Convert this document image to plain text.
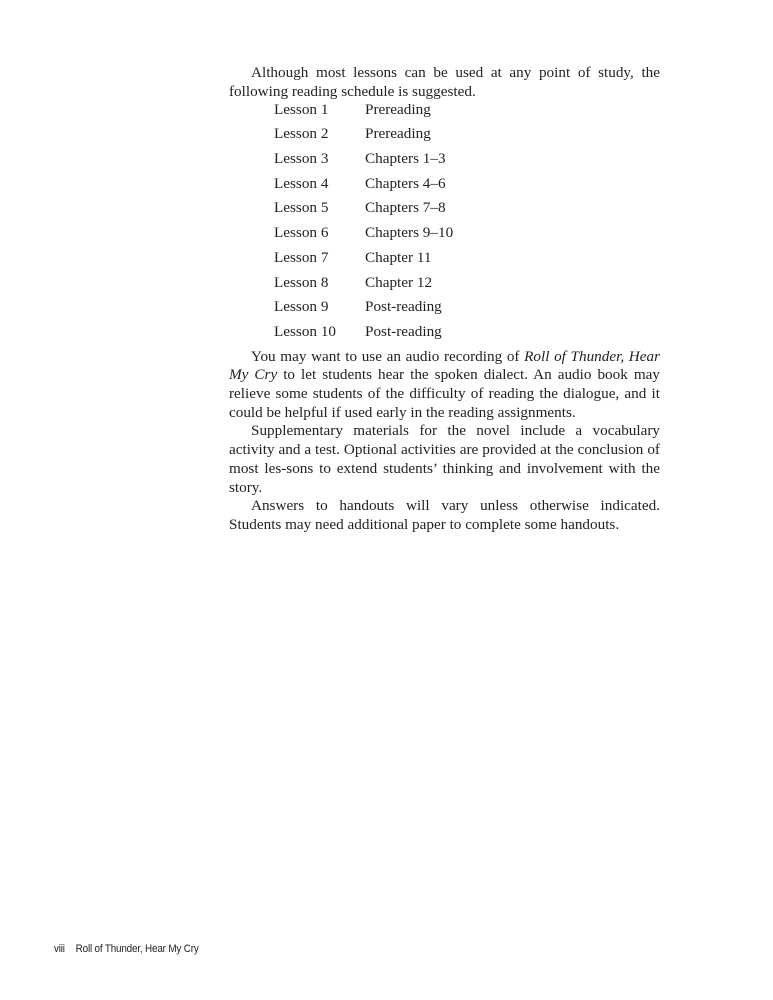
Although most lessons can be used at any point of study, the following reading schedule is suggested.

Lesson 1 Prereading
Lesson 2 Prereading
Lesson 3 Chapters 1–3
Lesson 4 Chapters 4–6
Lesson 5 Chapters 7–8
Lesson 6 Chapters 9–10
Lesson 7 Chapter 11
Lesson 8 Chapter 12
Lesson 9 Post-reading
Lesson 10 Post-reading

You may want to use an audio recording of Roll of Thunder, Hear My Cry to let students hear the spoken dialect. An audio book may relieve some students of the difficulty of reading the dialogue, and it could be helpful if used early in the reading assignments.

Supplementary materials for the novel include a vocabulary activity and a test. Optional activities are provided at the conclusion of most les-sons to extend students’ thinking and involvement with the story.

Answers to handouts will vary unless otherwise indicated. Students may need additional paper to complete some handouts.

viii Roll of Thunder, Hear My Cry
